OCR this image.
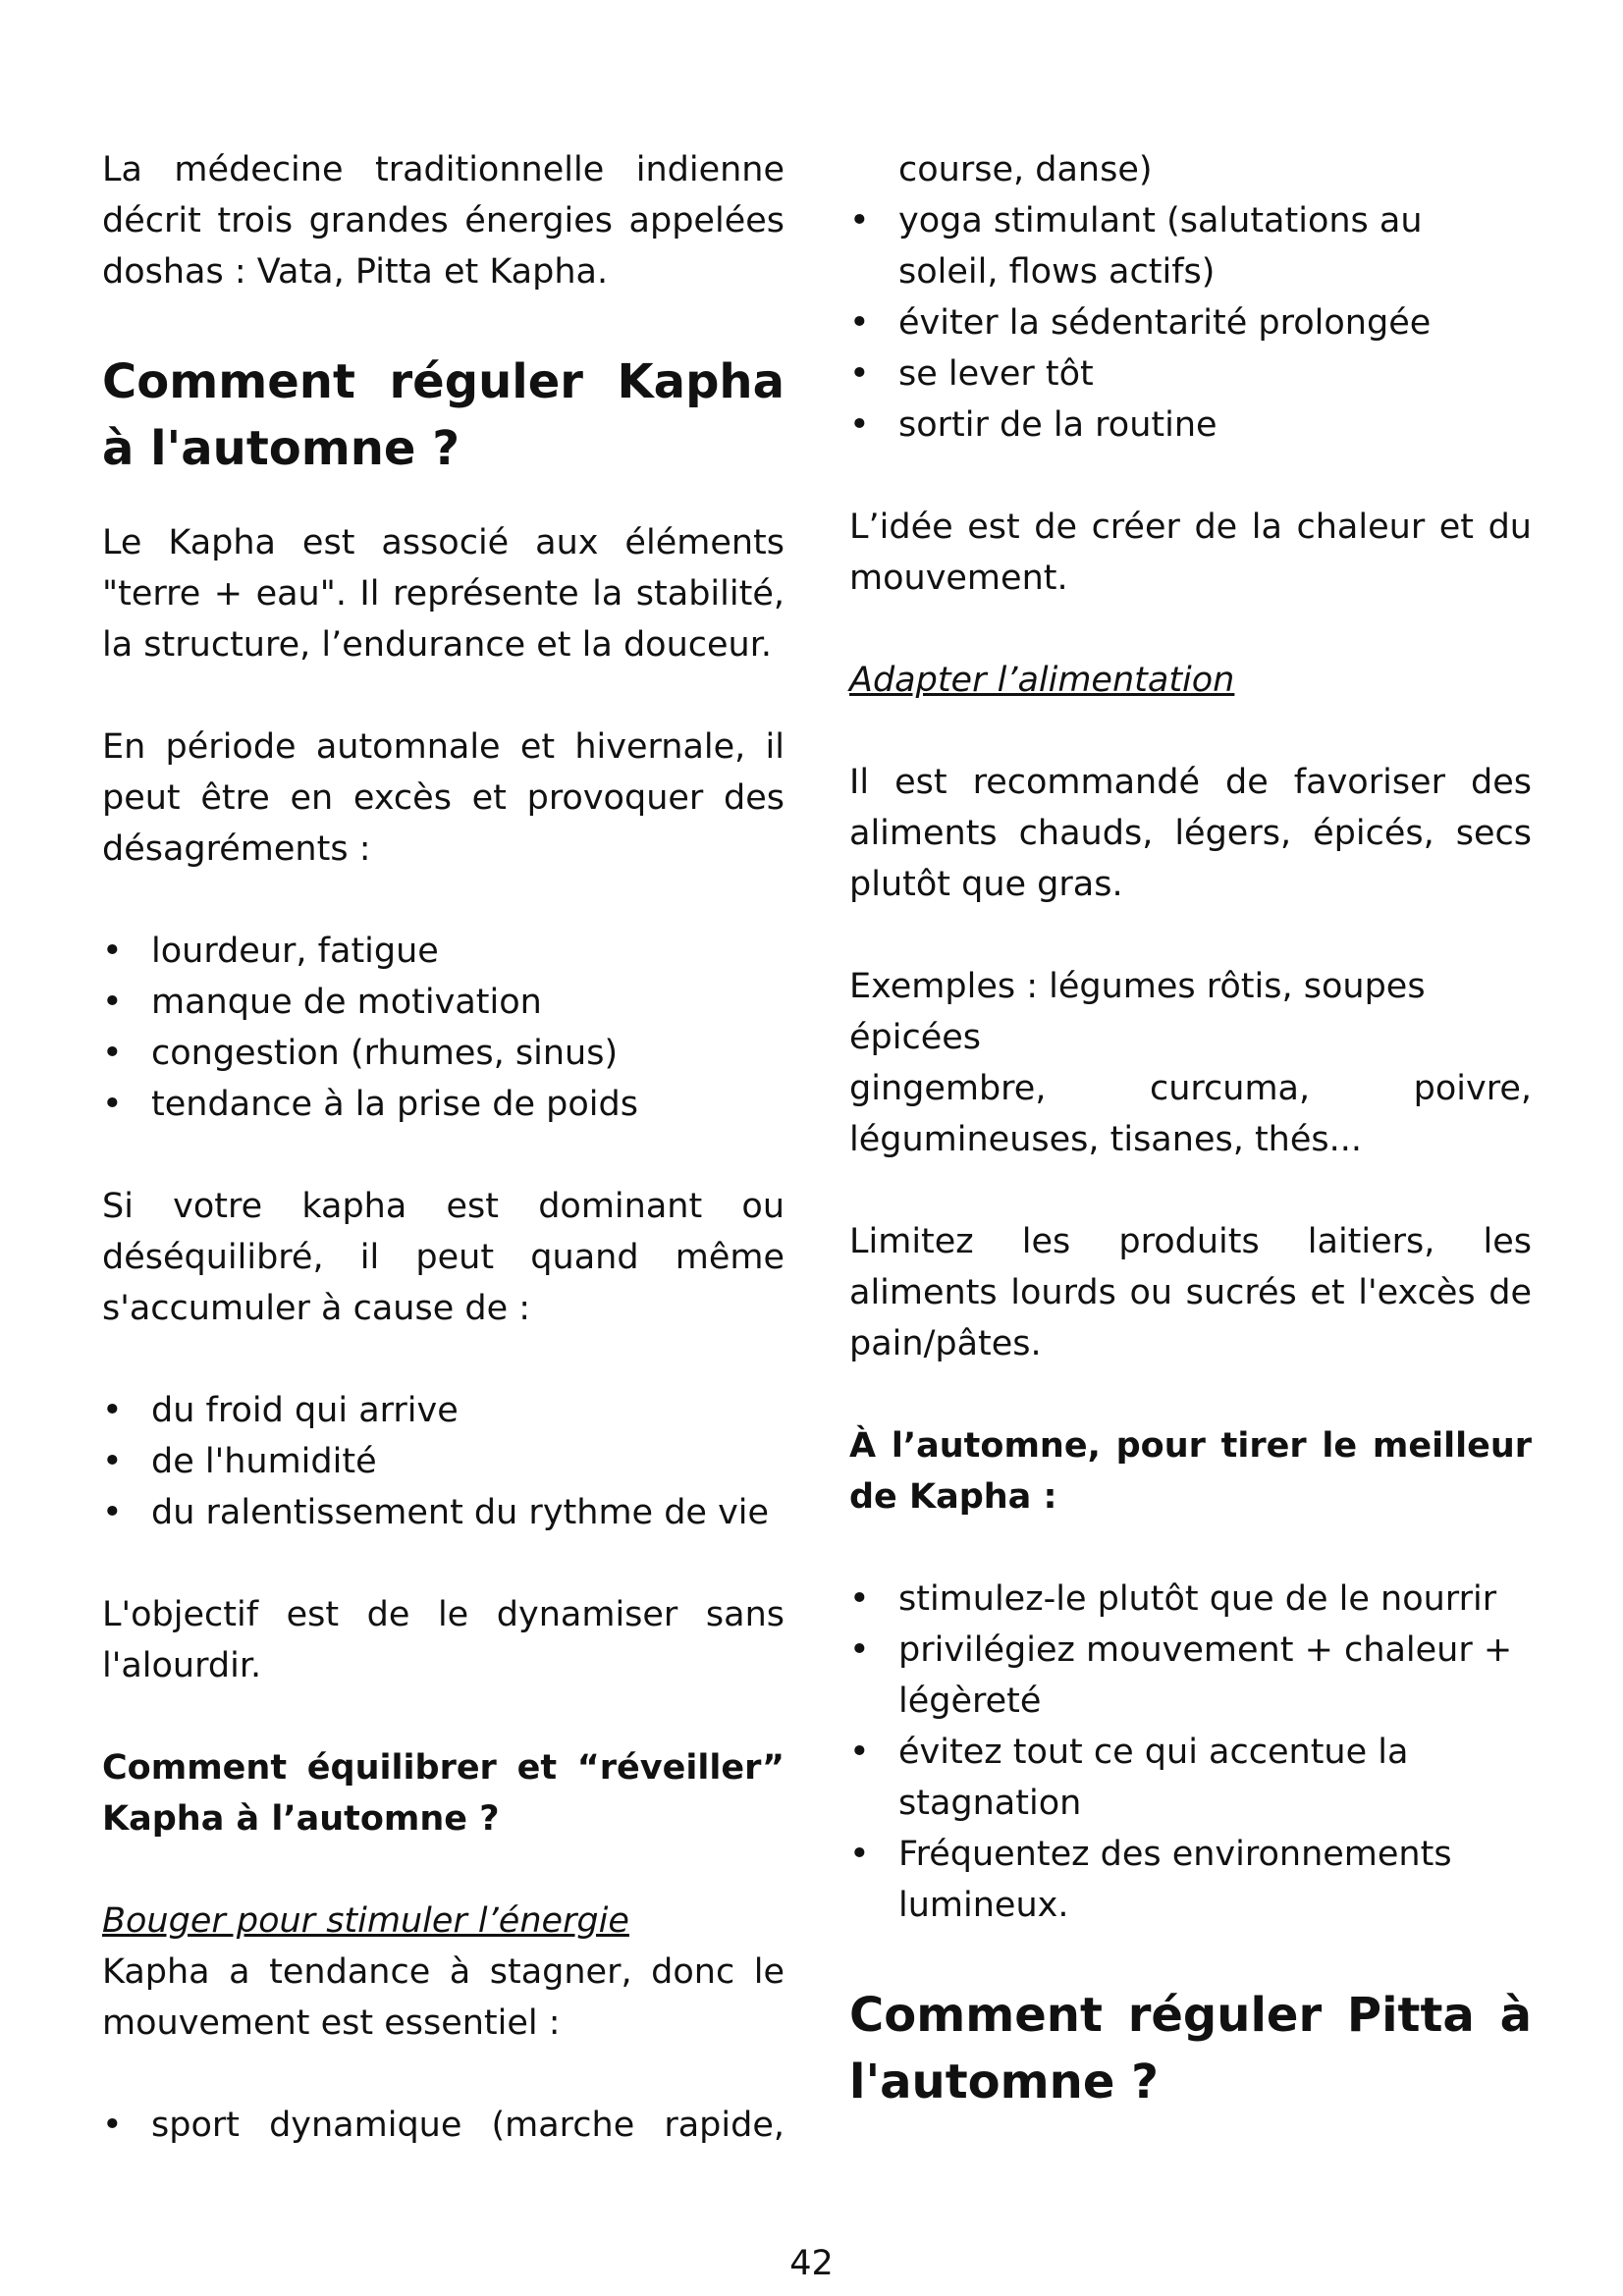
La médecine traditionnelle indienne décrit trois grandes énergies appelées doshas : Vata, Pitta et Kapha.

Comment réguler Kapha à l'automne ?

Le Kapha est associé aux éléments "terre + eau". Il représente la stabilité, la structure, l’endurance et la douceur.

En période automnale et hivernale, il peut être en excès et provoquer des désagréments :

• lourdeur, fatigue
• manque de motivation
• congestion (rhumes, sinus)
• tendance à la prise de poids

Si votre kapha est dominant ou déséquilibré, il peut quand même s'accumuler à cause de :

• du froid qui arrive
• de l'humidité
• du ralentissement du rythme de vie

L'objectif est de le dynamiser sans l'alourdir.

Comment équilibrer et “réveiller” Kapha à l’automne ?

Bouger pour stimuler l’énergie

Kapha a tendance à stagner, donc le mouvement est essentiel :

• sport dynamique (marche rapide,
course, danse)
• yoga stimulant (salutations au soleil, flows actifs)
• éviter la sédentarité prolongée
• se lever tôt
• sortir de la routine

L’idée est de créer de la chaleur et du mouvement.

Adapter l’alimentation

Il est recommandé de favoriser des aliments chauds, légers, épicés, secs plutôt que gras.

Exemples : légumes rôtis, soupes épicées

gingembre,	curcuma,	poivre,

légumineuses, tisanes, thés...

Limitez les produits laitiers, les aliments lourds ou sucrés et l'excès de pain/pâtes.

À l’automne, pour tirer le meilleur de Kapha :

• stimulez-le plutôt que de le nourrir
• privilégiez mouvement + chaleur + légèreté
• évitez tout ce qui accentue la stagnation
• Fréquentez des environnements lumineux.
Comment réguler Pitta à l'automne ?
42
